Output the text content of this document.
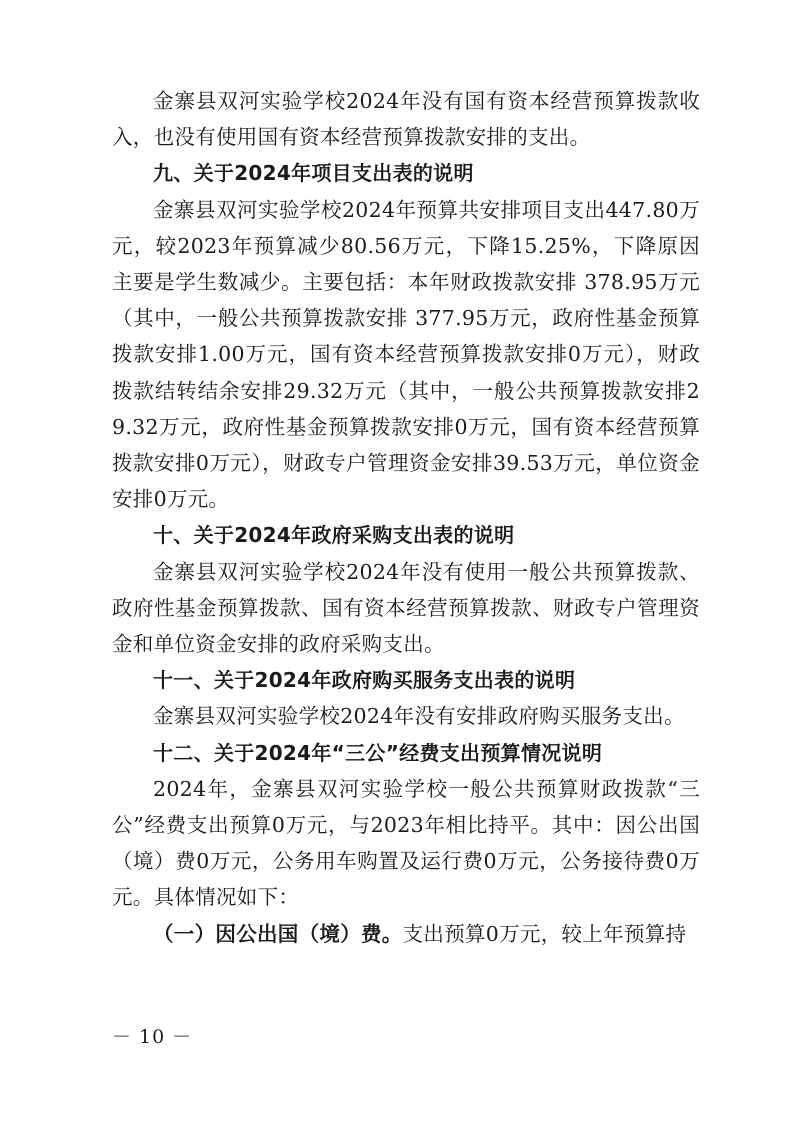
金寨县双河实验学校2024年没有国有资本经营预算拨款收入，也没有使用国有资本经营预算拨款安排的支出。

九、关于2024年项目支出表的说明

金寨县双河实验学校2024年预算共安排项目支出447.80万元，较2023年预算减少80.56万元，下降15.25%，下降原因主要是学生数减少。主要包括：本年财政拨款安排 378.95万元（其中，一般公共预算拨款安排 377.95万元，政府性基金预算拨款安排1.00万元，国有资本经营预算拨款安排0万元），财政拨款结转结余安排29.32万元（其中，一般公共预算拨款安排29.32万元，政府性基金预算拨款安排0万元，国有资本经营预算拨款安排0万元），财政专户管理资金安排39.53万元，单位资金安排0万元。

十、关于2024年政府采购支出表的说明

金寨县双河实验学校2024年没有使用一般公共预算拨款、政府性基金预算拨款、国有资本经营预算拨款、财政专户管理资金和单位资金安排的政府采购支出。

十一、关于2024年政府购买服务支出表的说明

金寨县双河实验学校2024年没有安排政府购买服务支出。

十二、关于2024年“三公”经费支出预算情况说明

2024年，金寨县双河实验学校一般公共预算财政拨款“三公”经费支出预算0万元，与2023年相比持平。其中：因公出国（境）费0万元，公务用车购置及运行费0万元，公务接待费0万元。具体情况如下：

（一）因公出国（境）费。支出预算0万元，较上年预算持

－ 10 －
